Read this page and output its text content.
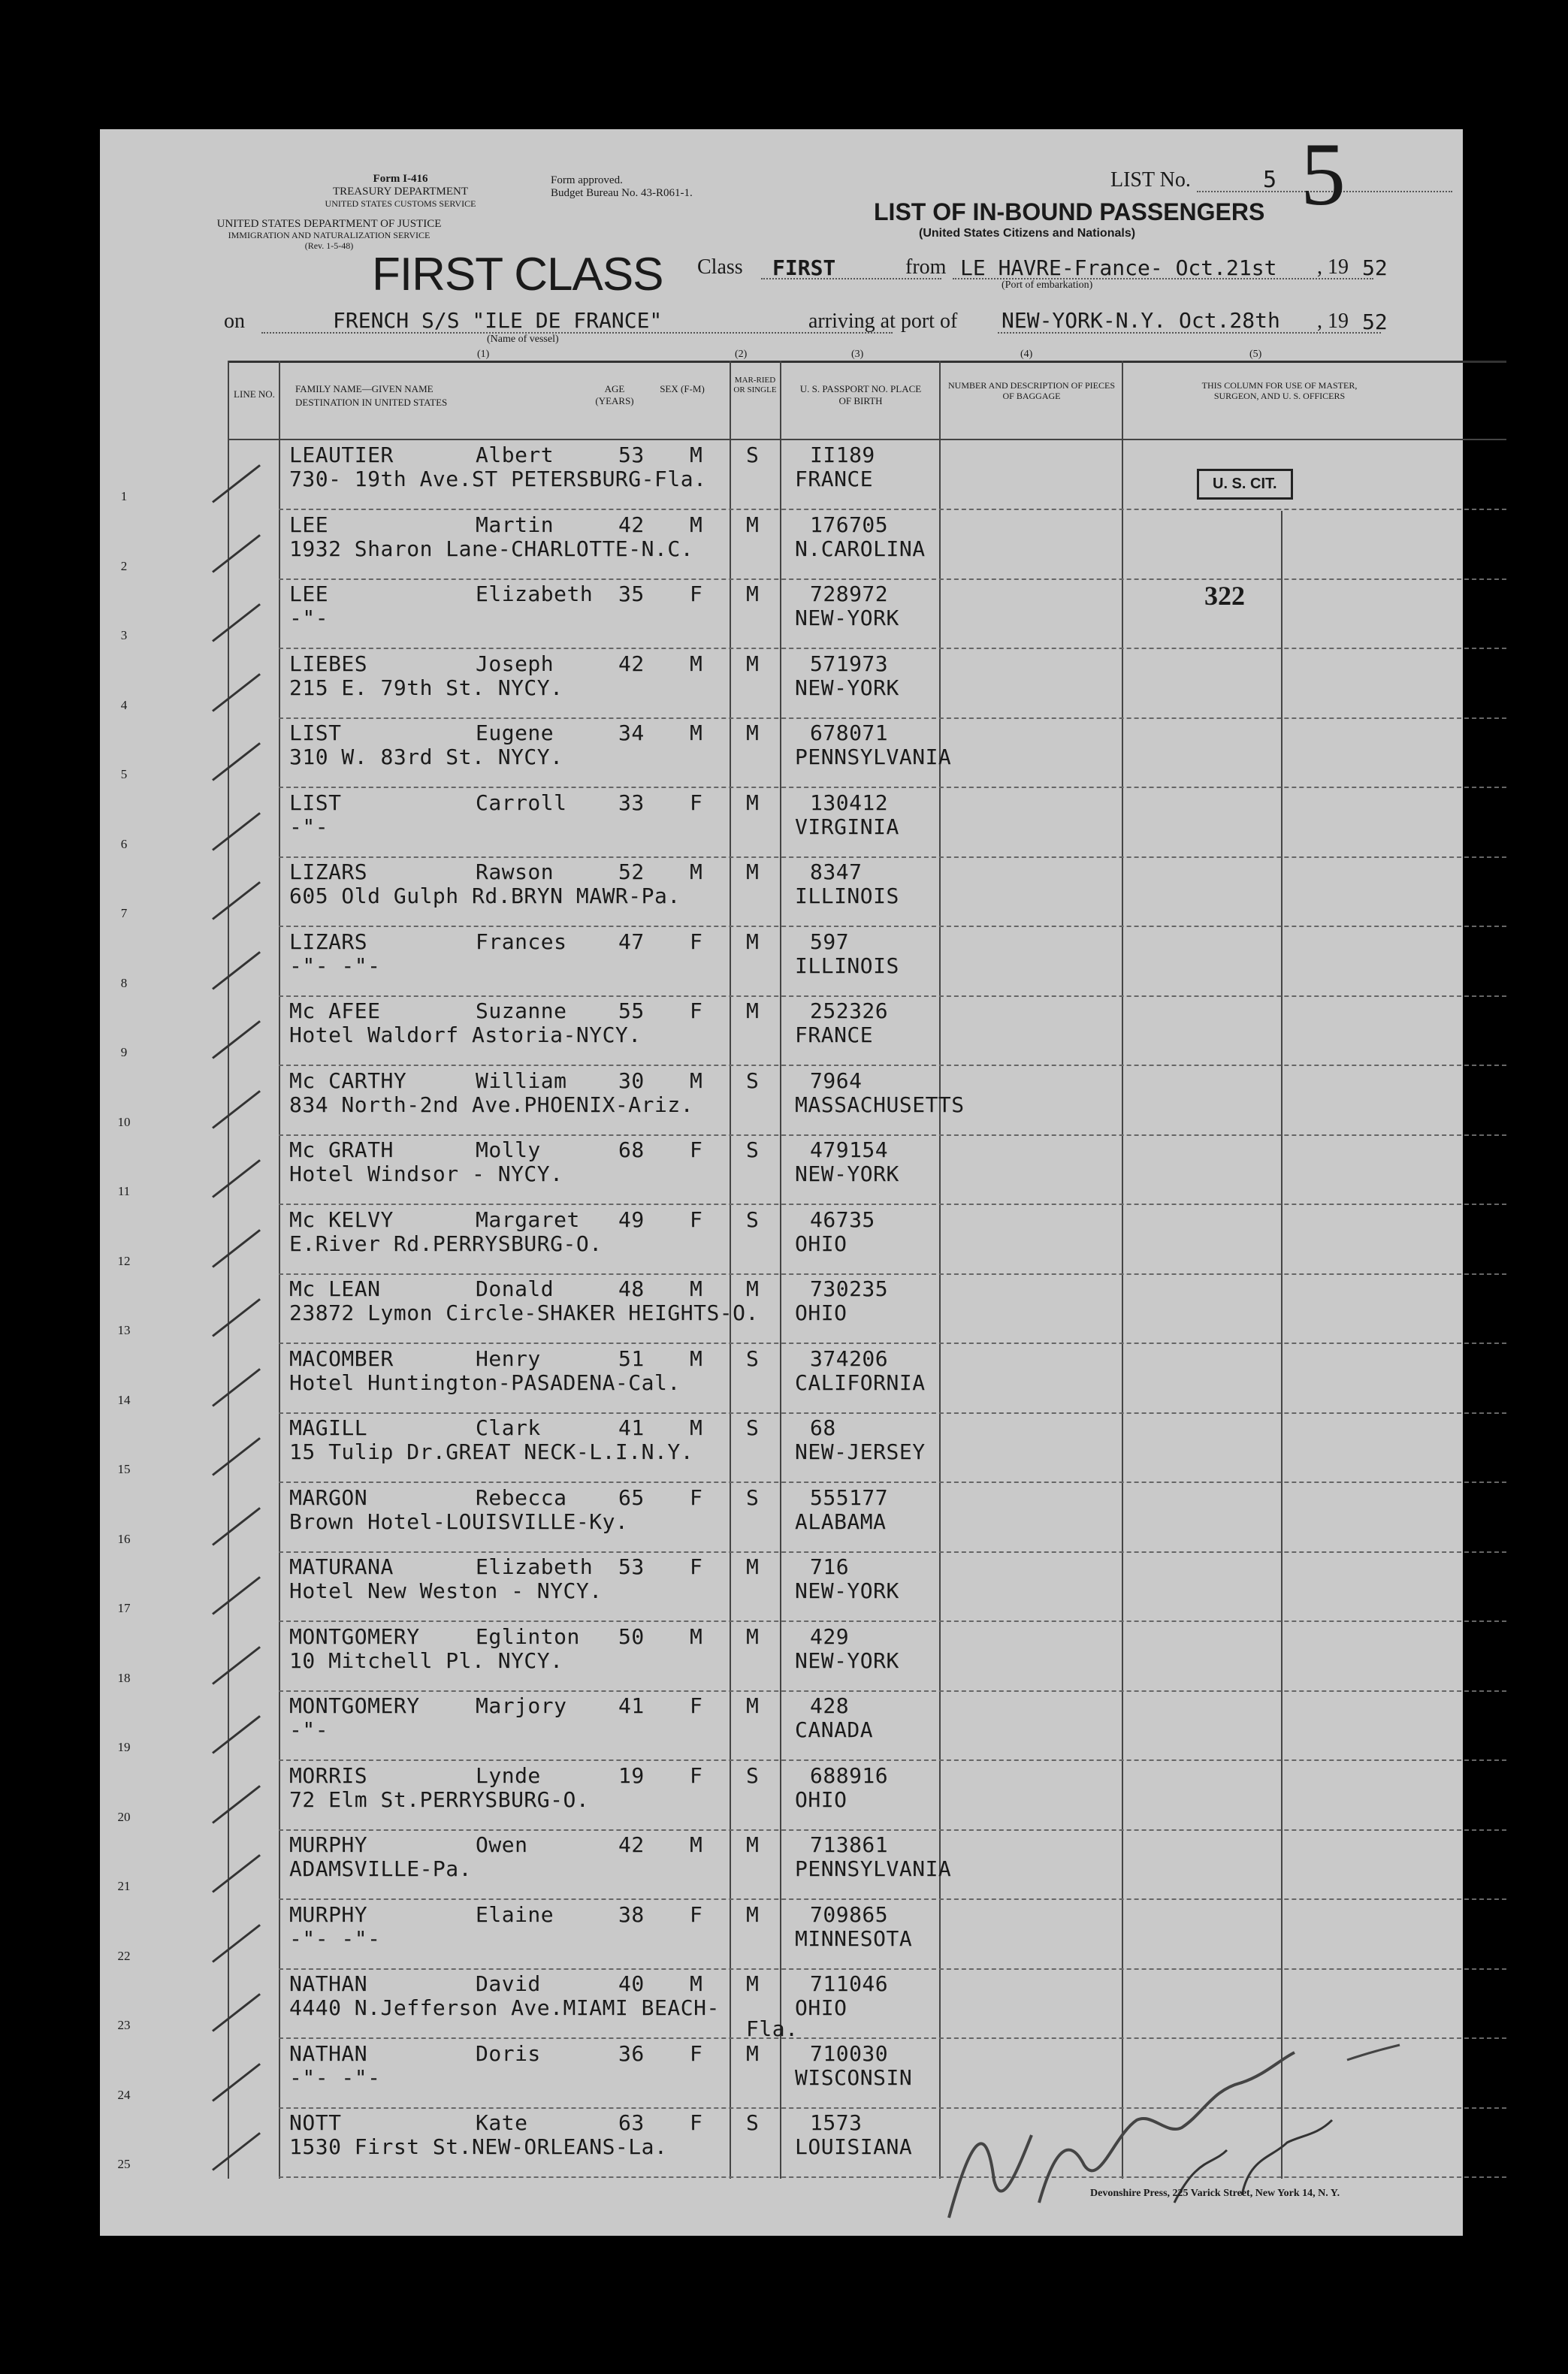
Form I-416
TREASURY DEPARTMENT
UNITED STATES CUSTOMS SERVICE
UNITED STATES DEPARTMENT OF JUSTICE
IMMIGRATION AND NATURALIZATION SERVICE
(Rev. 1-5-48)
Form approved.
Budget Bureau No. 43-R061-1.
FIRST CLASS
LIST No.	5 5
LIST OF IN-BOUND PASSENGERS
(United States Citizens and Nationals)
Class FIRST	from LE HAVRE-France- Oct.21st
(Port of embarkation)
, 19 52
on	FRENCH S/S "ILE DE FRANCE"
(Name of vessel)
arriving at port of NEW-YORK-N.Y. Oct.28th , 19 52
(1)	(2)	(3)	(4)	(5)
LINE NO. FAMILY NAME—GIVEN NAME
DESTINATION IN UNITED STATES
AGE (YEARS)
SEX (F-M)
MAR-RIED OR SINGLE	U. S. PASSPORT NO. PLACE OF BIRTH
NUMBER AND DESCRIPTION OF PIECES OF BAGGAGE
THIS COLUMN FOR USE OF MASTER, SURGEON, AND U. S. OFFICERS
U. S. CIT.
322
1
LEAUTIER	Albert	53 M S II189
730- 19th Ave.ST PETERSBURG-Fla.	FRANCE
2
LEE	Martin	42 M M 176705
1932 Sharon Lane-CHARLOTTE-N.C.	N.CAROLINA
3
LEE	Elizabeth 35 F M 728972
-"-	NEW-YORK
4
LIEBES	Joseph	42 M M 571973
215 E. 79th St. NYCY.	NEW-YORK
5
LIST	Eugene	34 M M 678071
310 W. 83rd St. NYCY.	PENNSYLVANIA
6
LIST	Carroll 33 F M 130412
-"-	VIRGINIA
7
LIZARS	Rawson	52 M M 8347
605 Old Gulph Rd.BRYN MAWR-Pa.	ILLINOIS
8
LIZARS	Frances 47 F M 597
-"- -"-	ILLINOIS
9
Mc AFEE	Suzanne 55 F M 252326
Hotel Waldorf Astoria-NYCY.	FRANCE
10
Mc CARTHY	William 30 M S 7964
834 North-2nd Ave.PHOENIX-Ariz.	MASSACHUSETTS
11
Mc GRATH	Molly	68 F S 479154
Hotel Windsor - NYCY.	NEW-YORK
12
Mc KELVY	Margaret 49 F S 46735
E.River Rd.PERRYSBURG-O.	OHIO
13
Mc LEAN	Donald	48 M M 730235
23872 Lymon Circle-SHAKER HEIGHTS-O. OHIO
14
MACOMBER	Henry	51 M S 374206
Hotel Huntington-PASADENA-Cal.	CALIFORNIA
15
MAGILL	Clark	41 M S 68
15 Tulip Dr.GREAT NECK-L.I.N.Y.	NEW-JERSEY
16
MARGON	Rebecca 65 F S 555177
Brown Hotel-LOUISVILLE-Ky.	ALABAMA
17
MATURANA	Elizabeth 53 F M 716
Hotel New Weston - NYCY.	NEW-YORK
18
MONTGOMERY	Eglinton 50 M M 429
10 Mitchell Pl. NYCY.	NEW-YORK
19
MONTGOMERY	Marjory 41 F M 428
-"-	CANADA
20
MORRIS	Lynde	19 F S 688916
72 Elm St.PERRYSBURG-O.	OHIO
21
MURPHY	Owen	42 M M 713861
ADAMSVILLE-Pa.	PENNSYLVANIA
22
MURPHY	Elaine	38 F M 709865
-"- -"-	MINNESOTA
23
NATHAN	David	40 M M 711046
4440 N.Jefferson Ave.MIAMI BEACH-	OHIO
Fla.
24
NATHAN	Doris	36 F M 710030
-"- -"-	WISCONSIN
25
NOTT	Kate	63 F S 1573
1530 First St.NEW-ORLEANS-La.	LOUISIANA
Devonshire Press, 225 Varick Street, New York 14, N. Y.
